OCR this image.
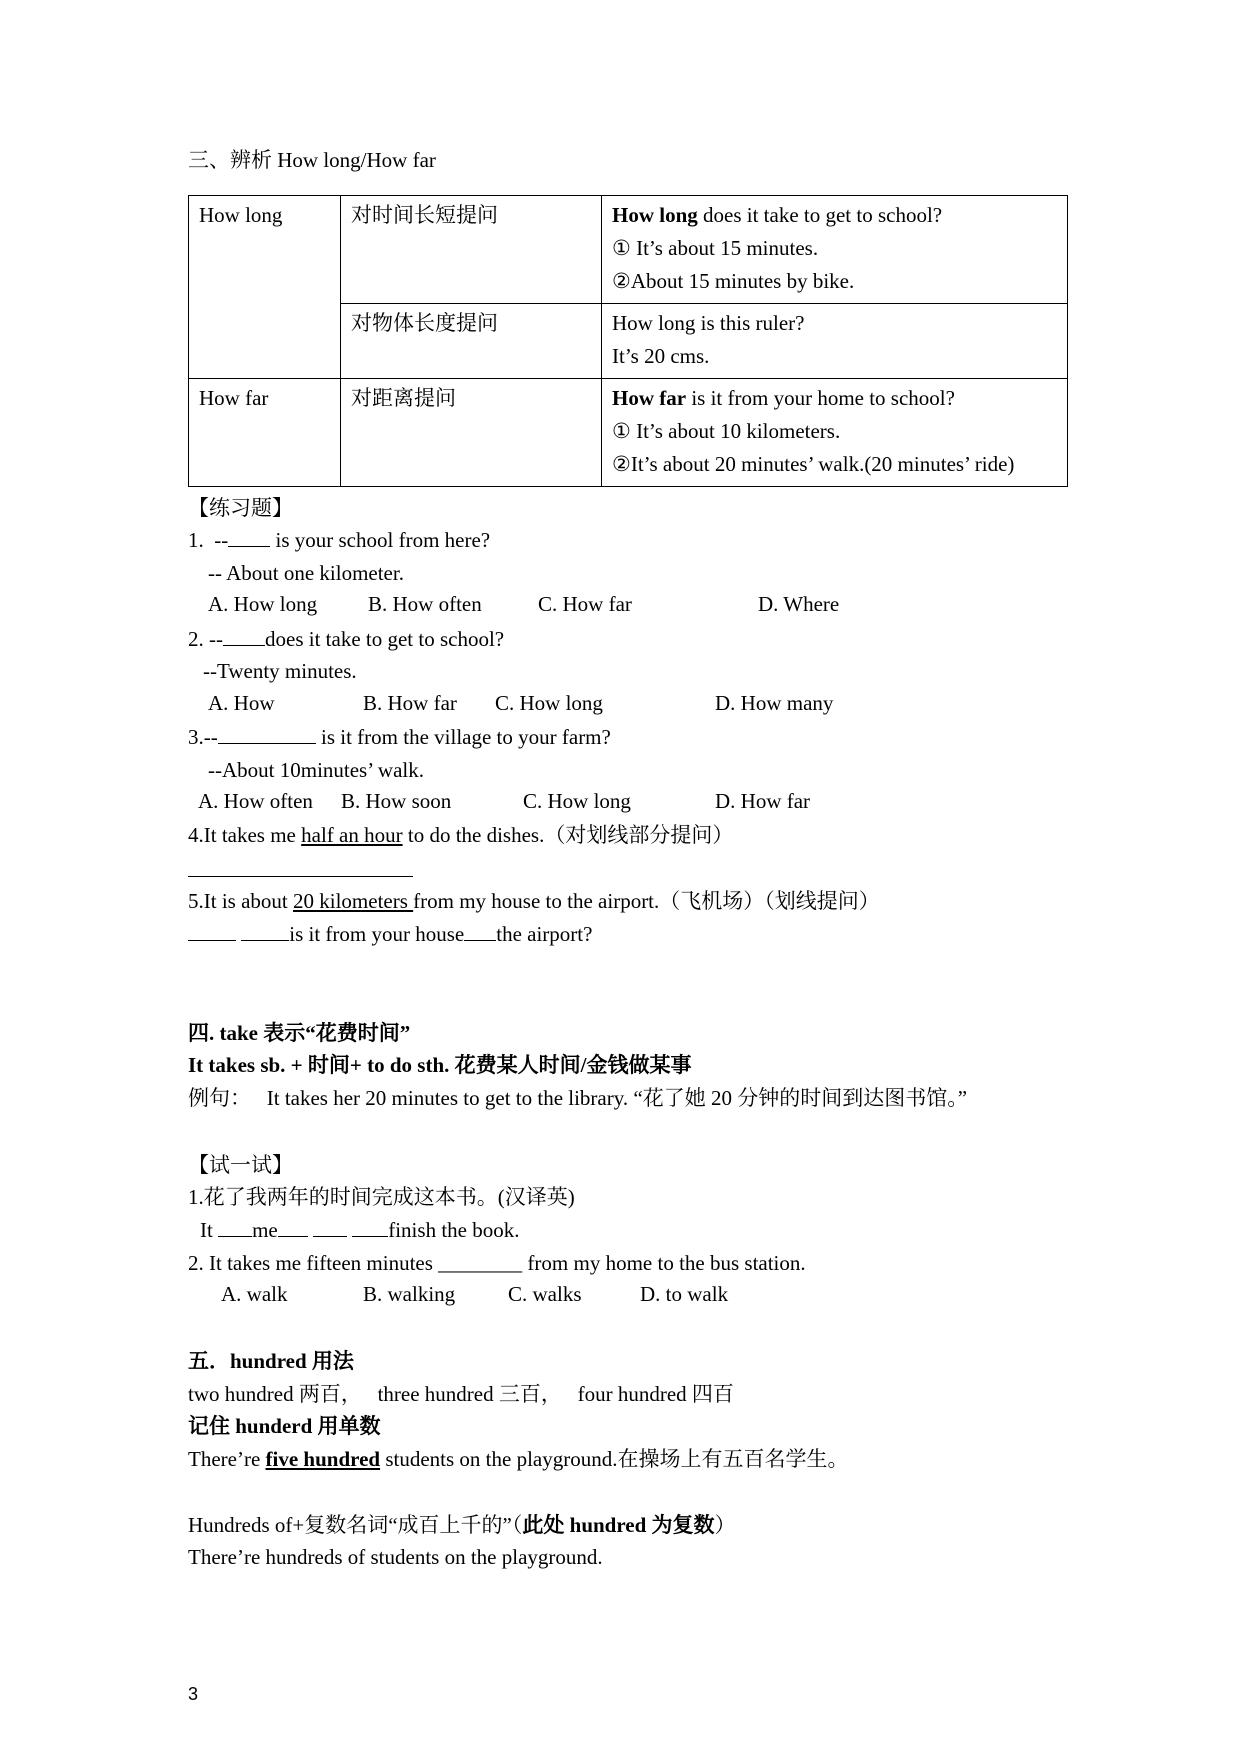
三、辨析 How long/How far
How long	对时间长短提问	How long does it take to get to school?
① It’s about 15 minutes.
②About 15 minutes by bike.

	对物体长度提问	How long is this ruler?
It’s 20 cms.

How far	对距离提问	How far is it from your home to school?
① It’s about 10 kilometers.
②It’s about 20 minutes’ walk.(20 minutes’ ride)
【练习题】
1.  -- is your school from here?
-- About one kilometer.
A. How long B. How often	C. How far	D. Where
2. -- does it take to get to school?
--Twenty minutes.
A. How	B. How far C. How long	D. How many
3.--	is it from the village to your farm?
--About 10minutes’ walk.
A. How often B. How soon	C. How long	D. How far
4.It takes me half an hour to do the dishes.（对划线部分提问）
5.It is about 20 kilometers from my house to the airport.（飞机场）（划线提问）
is it from your house the airport?
四. take 表示“花费时间”
It takes sb. + 时间+ to do sth. 花费某人时间/金钱做某事
例句：   It takes her 20 minutes to get to the library. “花了她 20 分钟的时间到达图书馆。”
【试一试】
1.花了我两年的时间完成这本书。(汉译英)
It me	finish the book.
2. It takes me fifteen minutes ________ from my home to the bus station.
A. walk	B. walking	C. walks	D. to walk
五．hundred 用法
two hundred 两百，   three hundred 三百，   four hundred 四百
记住 hunderd 用单数
There’re five hundred students on the playground.在操场上有五百名学生。
Hundreds of+复数名词“成百上千的”（此处 hundred 为复数）
There’re hundreds of students on the playground.
3
